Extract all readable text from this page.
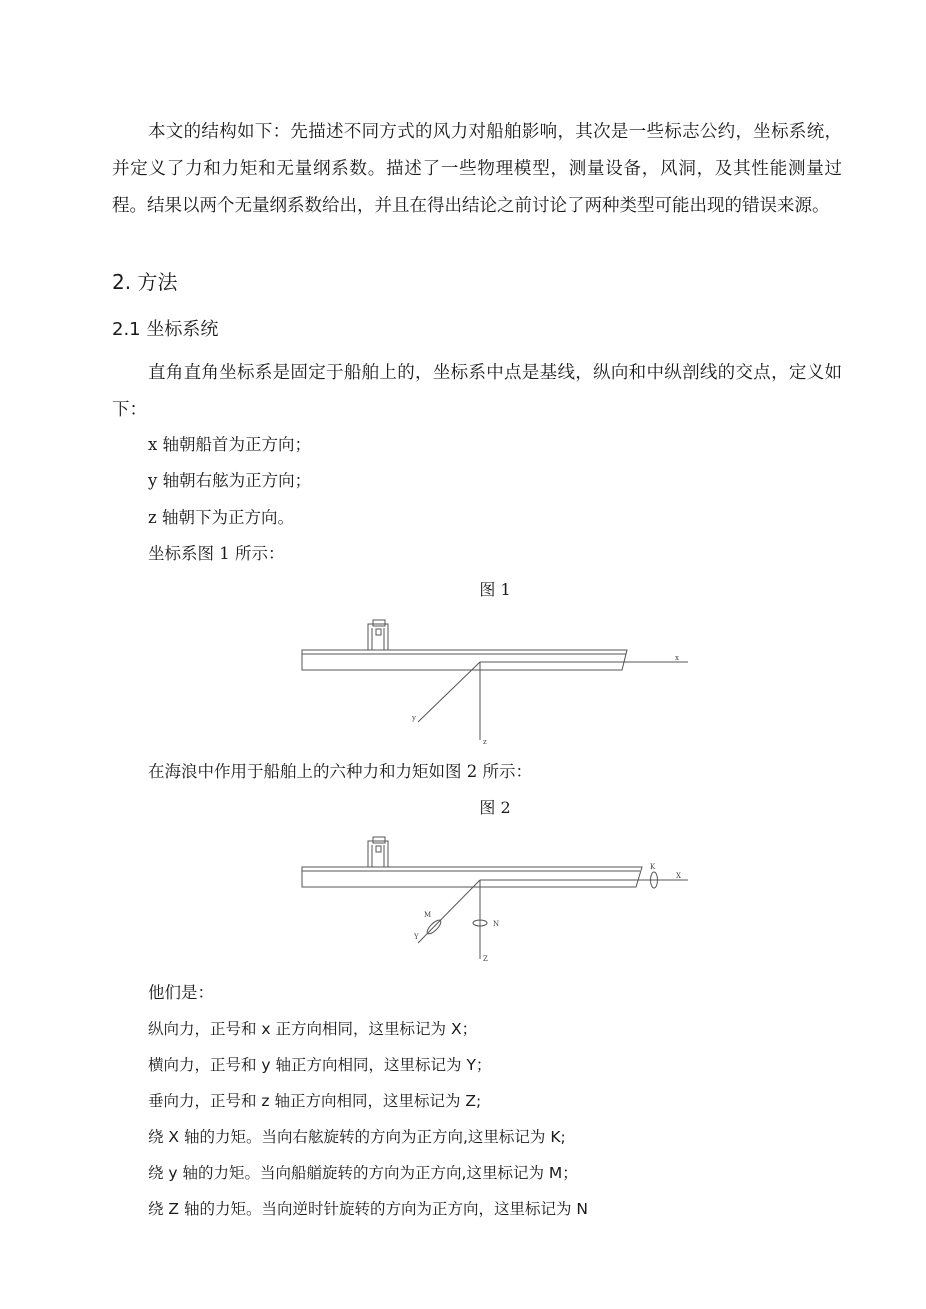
本文的结构如下：先描述不同方式的风力对船舶影响，其次是一些标志公约，坐标系统，并定义了力和力矩和无量纲系数。描述了一些物理模型，测量设备，风洞，及其性能测量过程。结果以两个无量纲系数给出，并且在得出结论之前讨论了两种类型可能出现的错误来源。

2. 方法
2.1 坐标系统

直角直角坐标系是固定于船舶上的，坐标系中点是基线，纵向和中纵剖线的交点，定义如下：

x 轴朝船首为正方向；

y 轴朝右舷为正方向；

z 轴朝下为正方向。

坐标系图 1 所示：

图 1

x
y
z

在海浪中作用于船舶上的六种力和力矩如图 2 所示：

图 2

X
K
M
N
Y
Z

他们是：

纵向力，正号和 x 正方向相同，这里标记为 X；

横向力，正号和 y 轴正方向相同，这里标记为 Y；

垂向力，正号和 z 轴正方向相同，这里标记为 Z;

绕 X 轴的力矩。当向右舷旋转的方向为正方向,这里标记为 K;

绕 y 轴的力矩。当向船艏旋转的方向为正方向,这里标记为 M；

绕 Z 轴的力矩。当向逆时针旋转的方向为正方向，这里标记为 N
